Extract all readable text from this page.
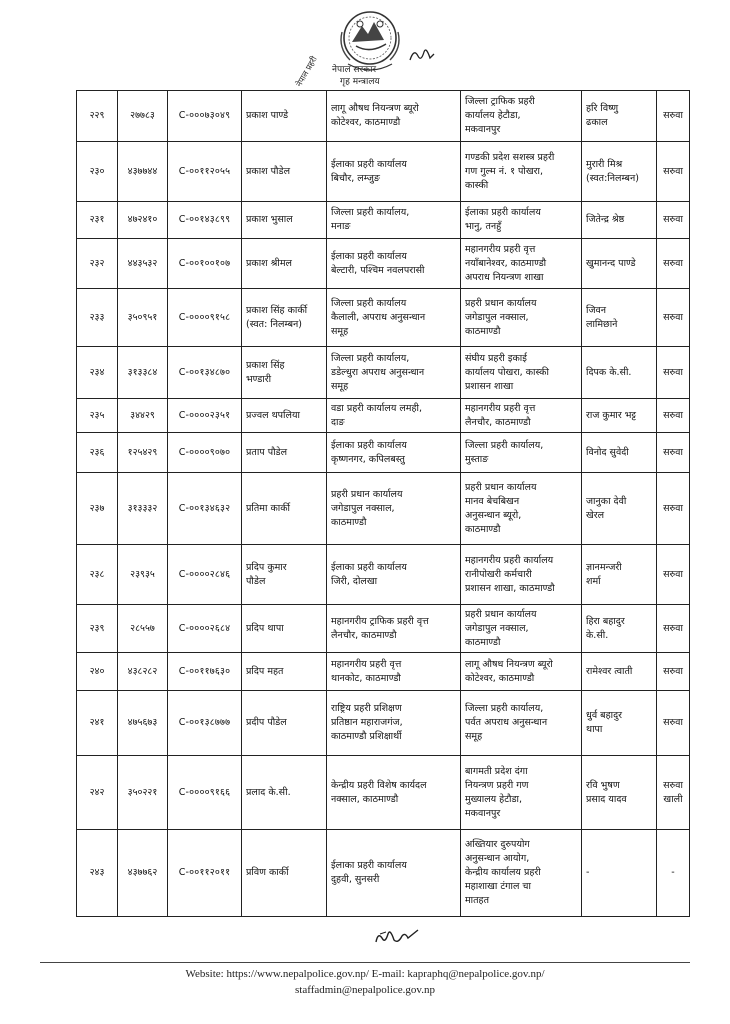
नेपाल सरकार
गृह मन्त्रालय
नेपाल प्रहरी
२२९	२७७८३	C-०००७३०४९	प्रकाश पाण्डे	लागू औषध नियन्त्रण ब्यूरो
कोटेश्वर, काठमाण्डौ	जिल्ला ट्राफिक प्रहरी
कार्यालय हेटौडा,
मकवानपुर	हरि विष्णु
ढकाल	सरुवा
२३०	४३७७४४	C-००११२०५५	प्रकाश पौडेल	ईलाका प्रहरी कार्यालय
बिचौर, लम्जुङ	गण्डकी प्रदेश सशस्त्र प्रहरी
गण गुल्म नं. १ पोखरा,
कास्की	मुरारी मिश्र
(स्वत:निलम्बन)	सरुवा
२३१	४७२४१०	C-००१४३८९९	प्रकाश भुसाल	जिल्ला प्रहरी कार्यालय,
मनाङ	ईलाका प्रहरी कार्यालय
भानु, तनहुँ	जितेन्द्र श्रेष्ठ	सरुवा
२३२	४४३५३२	C-००१००१०७	प्रकाश श्रीमल	ईलाका प्रहरी कार्यालय
बेल्टारी, पश्चिम नवलपरासी	महानगरीय प्रहरी वृत्त
नयाँबानेश्वर, काठमाण्डौ
अपराध नियन्त्रण शाखा	खुमानन्द पाण्डे	सरुवा
२३३	३५०९५१	C-००००९१५८	प्रकाश सिंह कार्की
(स्वत: निलम्बन)	जिल्ला प्रहरी कार्यालय
कैलाली, अपराध अनुसन्धान
समूह	प्रहरी प्रधान कार्यालय
जगेडापुल नक्साल,
काठमाण्डौ	जिवन
लामिछाने	सरुवा
२३४	३१३३८४	C-००१३४८७०	प्रकाश सिंह
भण्डारी	जिल्ला प्रहरी कार्यालय,
डडेल्धुरा अपराध अनुसन्धान
समूह	संघीय प्रहरी इकाई
कार्यालय पोखरा, कास्की
प्रशासन शाखा	दिपक के.सी.	सरुवा
२३५	३४४२९	C-००००२३५१	प्रज्वल थपलिया	वडा प्रहरी कार्यालय लमही,
दाङ	महानगरीय प्रहरी वृत्त
लैनचौर, काठमाण्डौ	राज कुमार भट्ट	सरुवा
२३६	१२५४२९	C-००००९०७०	प्रताप पौडेल	ईलाका प्रहरी कार्यालय
कृष्णनगर, कपिलबस्तु	जिल्ला प्रहरी कार्यालय,
मुस्ताङ	विनोद सुवेदी	सरुवा
२३७	३१३३३२	C-००१३४६३२	प्रतिमा कार्की	प्रहरी प्रधान कार्यालय
जगेडापुल नक्साल,
काठमाण्डौ	प्रहरी प्रधान कार्यालय
मानव बेचबिखन
अनुसन्धान ब्यूरो,
काठमाण्डौ	जानुका देवी
खेरल	सरुवा
२३८	२३९३५	C-००००२८४६	प्रदिप कुमार
पौडेल	ईलाका प्रहरी कार्यालय
जिरी, दोलखा	महानगरीय प्रहरी कार्यालय
रानीपोखरी कर्मचारी
प्रशासन शाखा, काठमाण्डौ	ज्ञानमन्जरी
शर्मा	सरुवा
२३९	२८५५७	C-००००२६८४	प्रदिप थापा	महानगरीय ट्राफिक प्रहरी वृत्त
लैनचौर, काठमाण्डौ	प्रहरी प्रधान कार्यालय
जगेडापुल नक्साल,
काठमाण्डौ	हिरा बहादुर
के.सी.	सरुवा
२४०	४३८२८२	C-००११७६३०	प्रदिप महत	महानगरीय प्रहरी वृत्त
थानकोट, काठमाण्डौ	लागू औषध नियन्त्रण ब्यूरो
कोटेश्वर, काठमाण्डौ	रामेश्वर त्वाती	सरुवा
२४१	४७५६७३	C-००१३८७७७	प्रदीप पौडेल	राष्ट्रिय प्रहरी प्रशिक्षण
प्रतिष्ठान महाराजगंज,
काठमाण्डौ प्रशिक्षार्थी	जिल्ला प्रहरी कार्यालय,
पर्वत अपराध अनुसन्धान
समूह	धुर्व बहादुर
थापा	सरुवा
२४२	३५०२२१	C-००००९१६६	प्रलाद के.सी.	केन्द्रीय प्रहरी विशेष कार्यदल
नक्साल, काठमाण्डौ	बागमती प्रदेश दंगा
नियन्त्रण प्रहरी गण
मुख्यालय हेटौडा,
मकवानपुर	रवि भुषण
प्रसाद यादव	सरुवा खाली
२४३	४३७७६२	C-००११२०११	प्रविण कार्की	ईलाका प्रहरी कार्यालय
दुहवी, सुनसरी	अख्तियार दुरुपयोग
अनुसन्धान आयोग,
केन्द्रीय कार्यालय प्रहरी
महाशाखा टंगाल चा
मातहत	-	-
Website: https://www.nepalpolice.gov.np/ E-mail: kapraphq@nepalpolice.gov.np/
staffadmin@nepalpolice.gov.np
